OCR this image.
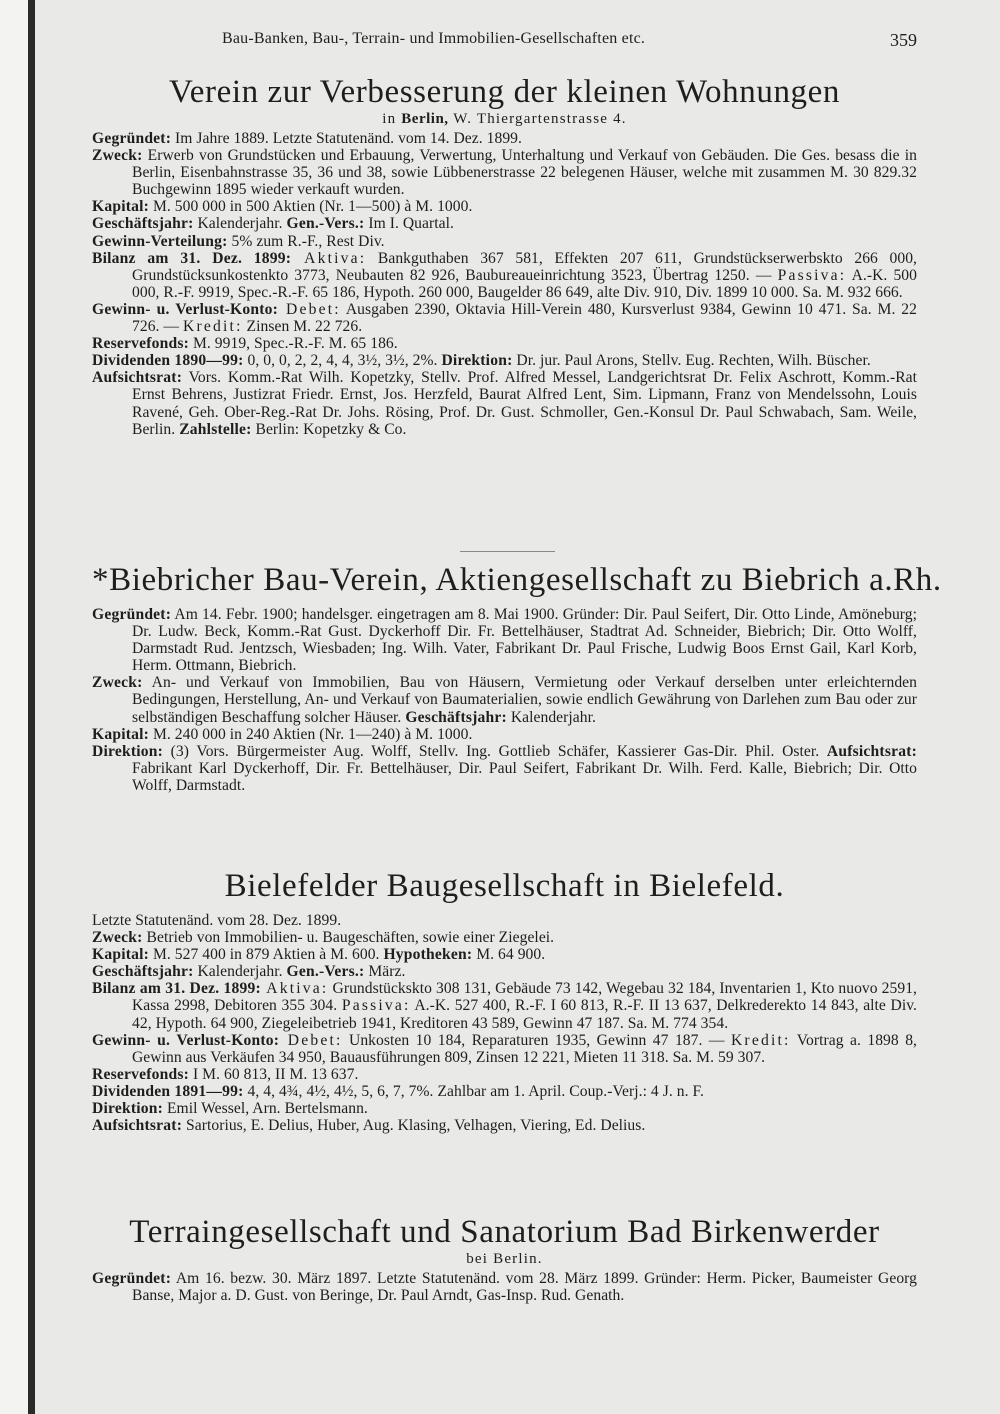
Bau-Banken, Bau-, Terrain- und Immobilien-Gesellschaften etc.	359
Verein zur Verbesserung der kleinen Wohnungen
in Berlin, W. Thiergartenstrasse 4.
Gegründet: Im Jahre 1889. Letzte Statutenänd. vom 14. Dez. 1899.
Zweck: Erwerb von Grundstücken und Erbauung, Verwertung, Unterhaltung und Verkauf von Gebäuden. Die Ges. besass die in Berlin, Eisenbahnstrasse 35, 36 und 38, sowie Lübbenerstrasse 22 belegenen Häuser, welche mit zusammen M. 30 829.32 Buchgewinn 1895 wieder verkauft wurden.
Kapital: M. 500 000 in 500 Aktien (Nr. 1—500) à M. 1000.
Geschäftsjahr: Kalenderjahr. Gen.-Vers.: Im I. Quartal.
Gewinn-Verteilung: 5% zum R.-F., Rest Div.
Bilanz am 31. Dez. 1899: Aktiva: Bankguthaben 367 581, Effekten 207 611, Grundstückserwerbskto 266 000, Grundstücksunkostenkto 3773, Neubauten 82 926, Baubureaueinrichtung 3523, Übertrag 1250. — Passiva: A.-K. 500 000, R.-F. 9919, Spec.-R.-F. 65 186, Hypoth. 260 000, Baugelder 86 649, alte Div. 910, Div. 1899 10 000. Sa. M. 932 666.
Gewinn- u. Verlust-Konto: Debet: Ausgaben 2390, Oktavia Hill-Verein 480, Kursverlust 9384, Gewinn 10 471. Sa. M. 22 726. — Kredit: Zinsen M. 22 726.
Reservefonds: M. 9919, Spec.-R.-F. M. 65 186.
Dividenden 1890—99: 0, 0, 0, 2, 2, 4, 4, 3½, 3½, 2%. Direktion: Dr. jur. Paul Arons, Stellv. Eug. Rechten, Wilh. Büscher.
Aufsichtsrat: Vors. Komm.-Rat Wilh. Kopetzky, Stellv. Prof. Alfred Messel, Landgerichtsrat Dr. Felix Aschrott, Komm.-Rat Ernst Behrens, Justizrat Friedr. Ernst, Jos. Herzfeld, Baurat Alfred Lent, Sim. Lipmann, Franz von Mendelssohn, Louis Ravené, Geh. Ober-Reg.-Rat Dr. Johs. Rösing, Prof. Dr. Gust. Schmoller, Gen.-Konsul Dr. Paul Schwabach, Sam. Weile, Berlin. Zahlstelle: Berlin: Kopetzky & Co.
*Biebricher Bau-Verein, Aktiengesellschaft zu Biebrich a.Rh.
Gegründet: Am 14. Febr. 1900; handelsger. eingetragen am 8. Mai 1900. Gründer: Dir. Paul Seifert, Dir. Otto Linde, Amöneburg; Dr. Ludw. Beck, Komm.-Rat Gust. Dyckerhoff Dir. Fr. Bettelhäuser, Stadtrat Ad. Schneider, Biebrich; Dir. Otto Wolff, Darmstadt Rud. Jentzsch, Wiesbaden; Ing. Wilh. Vater, Fabrikant Dr. Paul Frische, Ludwig Boos Ernst Gail, Karl Korb, Herm. Ottmann, Biebrich.
Zweck: An- und Verkauf von Immobilien, Bau von Häusern, Vermietung oder Verkauf derselben unter erleichternden Bedingungen, Herstellung, An- und Verkauf von Baumaterialien, sowie endlich Gewährung von Darlehen zum Bau oder zur selbständigen Beschaffung solcher Häuser. Geschäftsjahr: Kalenderjahr.
Kapital: M. 240 000 in 240 Aktien (Nr. 1—240) à M. 1000.
Direktion: (3) Vors. Bürgermeister Aug. Wolff, Stellv. Ing. Gottlieb Schäfer, Kassierer Gas-Dir. Phil. Oster. Aufsichtsrat: Fabrikant Karl Dyckerhoff, Dir. Fr. Bettelhäuser, Dir. Paul Seifert, Fabrikant Dr. Wilh. Ferd. Kalle, Biebrich; Dir. Otto Wolff, Darmstadt.
Bielefelder Baugesellschaft in Bielefeld.
Letzte Statutenänd. vom 28. Dez. 1899.
Zweck: Betrieb von Immobilien- u. Baugeschäften, sowie einer Ziegelei.
Kapital: M. 527 400 in 879 Aktien à M. 600. Hypotheken: M. 64 900.
Geschäftsjahr: Kalenderjahr. Gen.-Vers.: März.
Bilanz am 31. Dez. 1899: Aktiva: Grundstückskto 308 131, Gebäude 73 142, Wegebau 32 184, Inventarien 1, Kto nuovo 2591, Kassa 2998, Debitoren 355 304. Passiva: A.-K. 527 400, R.-F. I 60 813, R.-F. II 13 637, Delkrederekto 14 843, alte Div. 42, Hypoth. 64 900, Ziegeleibetrieb 1941, Kreditoren 43 589, Gewinn 47 187. Sa. M. 774 354.
Gewinn- u. Verlust-Konto: Debet: Unkosten 10 184, Reparaturen 1935, Gewinn 47 187. — Kredit: Vortrag a. 1898 8, Gewinn aus Verkäufen 34 950, Bauausführungen 809, Zinsen 12 221, Mieten 11 318. Sa. M. 59 307.
Reservefonds: I M. 60 813, II M. 13 637.
Dividenden 1891—99: 4, 4, 4¾, 4½, 4½, 5, 6, 7, 7%. Zahlbar am 1. April. Coup.-Verj.: 4 J. n. F.
Direktion: Emil Wessel, Arn. Bertelsmann.
Aufsichtsrat: Sartorius, E. Delius, Huber, Aug. Klasing, Velhagen, Viering, Ed. Delius.
Terraingesellschaft und Sanatorium Bad Birkenwerder
bei Berlin.
Gegründet: Am 16. bezw. 30. März 1897. Letzte Statutenänd. vom 28. März 1899. Gründer: Herm. Picker, Baumeister Georg Banse, Major a. D. Gust. von Beringe, Dr. Paul Arndt, Gas-Insp. Rud. Genath.
